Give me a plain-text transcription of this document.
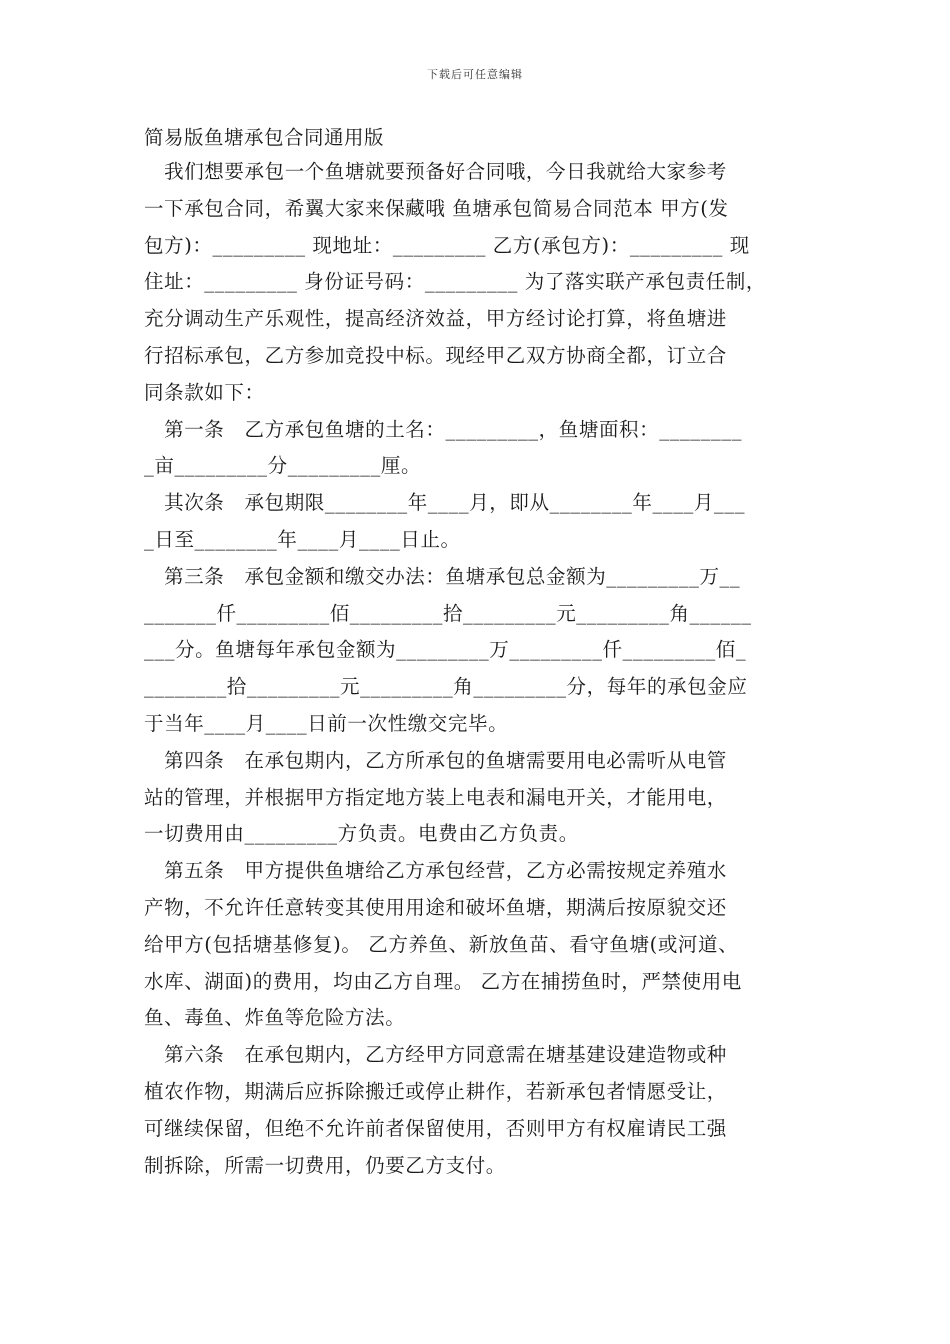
下载后可任意编辑

简易版鱼塘承包合同通用版

　我们想要承包一个鱼塘就要预备好合同哦，今日我就给大家参考

一下承包合同，希翼大家来保藏哦 鱼塘承包简易合同范本 甲方(发

包方)：_________ 现地址：_________ 乙方(承包方)：_________ 现

住址：_________ 身份证号码：_________ 为了落实联产承包责任制，

充分调动生产乐观性，提高经济效益，甲方经讨论打算，将鱼塘进

行招标承包，乙方参加竞投中标。现经甲乙双方协商全都，订立合

同条款如下：

　第一条　乙方承包鱼塘的土名：_________，鱼塘面积：________

_亩_________分_________厘。

　其次条　承包期限________年____月，即从________年____月___

_日至________年____月____日止。

　第三条　承包金额和缴交办法：鱼塘承包总金额为_________万__

_______仟_________佰_________拾_________元_________角______

___分。鱼塘每年承包金额为_________万_________仟_________佰_

________拾_________元_________角_________分，每年的承包金应

于当年____月____日前一次性缴交完毕。

　第四条　在承包期内，乙方所承包的鱼塘需要用电必需听从电管

站的管理，并根据甲方指定地方装上电表和漏电开关，才能用电，

一切费用由_________方负责。电费由乙方负责。

　第五条　甲方提供鱼塘给乙方承包经营，乙方必需按规定养殖水

产物，不允许任意转变其使用用途和破坏鱼塘，期满后按原貌交还

给甲方(包括塘基修复)。 乙方养鱼、新放鱼苗、看守鱼塘(或河道、

水库、湖面)的费用，均由乙方自理。 乙方在捕捞鱼时，严禁使用电

鱼、毒鱼、炸鱼等危险方法。

　第六条　在承包期内，乙方经甲方同意需在塘基建设建造物或种

植农作物，期满后应拆除搬迁或停止耕作，若新承包者情愿受让，

可继续保留，但绝不允许前者保留使用，否则甲方有权雇请民工强

制拆除，所需一切费用，仍要乙方支付。
